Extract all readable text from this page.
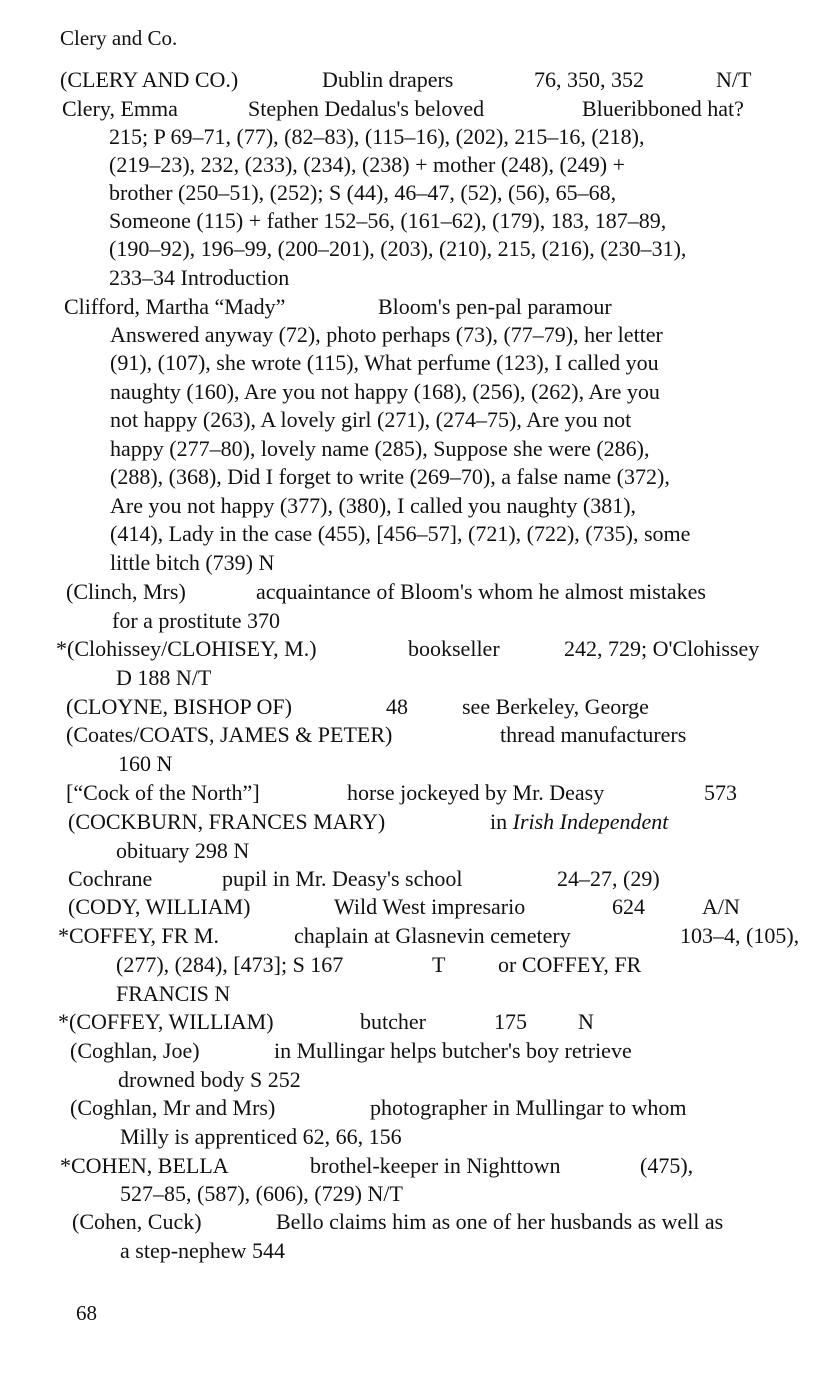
Clery and Co.
(CLERY AND CO.)	Dublin drapers	76, 350, 352	N/T
Clery, Emma	Stephen Dedalus's beloved	Blueribboned hat?
215; P 69–71, (77), (82–83), (115–16), (202), 215–16, (218),
(219–23), 232, (233), (234), (238) + mother (248), (249) +
brother (250–51), (252); S (44), 46–47, (52), (56), 65–68,
Someone (115) + father 152–56, (161–62), (179), 183, 187–89,
(190–92), 196–99, (200–201), (203), (210), 215, (216), (230–31),
233–34 Introduction
Clifford, Martha “Mady”	Bloom's pen-pal paramour
Answered anyway (72), photo perhaps (73), (77–79), her letter
(91), (107), she wrote (115), What perfume (123), I called you
naughty (160), Are you not happy (168), (256), (262), Are you
not happy (263), A lovely girl (271), (274–75), Are you not
happy (277–80), lovely name (285), Suppose she were (286),
(288), (368), Did I forget to write (269–70), a false name (372),
Are you not happy (377), (380), I called you naughty (381),
(414), Lady in the case (455), [456–57], (721), (722), (735), some
little bitch (739) N
(Clinch, Mrs)	acquaintance of Bloom's whom he almost mistakes
for a prostitute 370
*(Clohissey/CLOHISEY, M.)	bookseller	242, 729; O'Clohissey
D 188 N/T
(CLOYNE, BISHOP OF)	48 see Berkeley, George
(Coates/COATS, JAMES & PETER)	thread manufacturers
160 N
[“Cock of the North”]	horse jockeyed by Mr. Deasy	573
(COCKBURN, FRANCES MARY)	in Irish Independent
obituary 298 N
Cochrane	pupil in Mr. Deasy's school	24–27, (29)
(CODY, WILLIAM)	Wild West impresario	624	A/N
*COFFEY, FR M.	chaplain at Glasnevin cemetery	103–4, (105),
(277), (284), [473]; S 167	T or COFFEY, FR
FRANCIS N
*(COFFEY, WILLIAM)	butcher	175 N
(Coghlan, Joe)	in Mullingar helps butcher's boy retrieve
drowned body S 252
(Coghlan, Mr and Mrs)	photographer in Mullingar to whom
Milly is apprenticed 62, 66, 156
*COHEN, BELLA	brothel-keeper in Nighttown	(475),
527–85, (587), (606), (729) N/T
(Cohen, Cuck)	Bello claims him as one of her husbands as well as
a step-nephew 544
68
